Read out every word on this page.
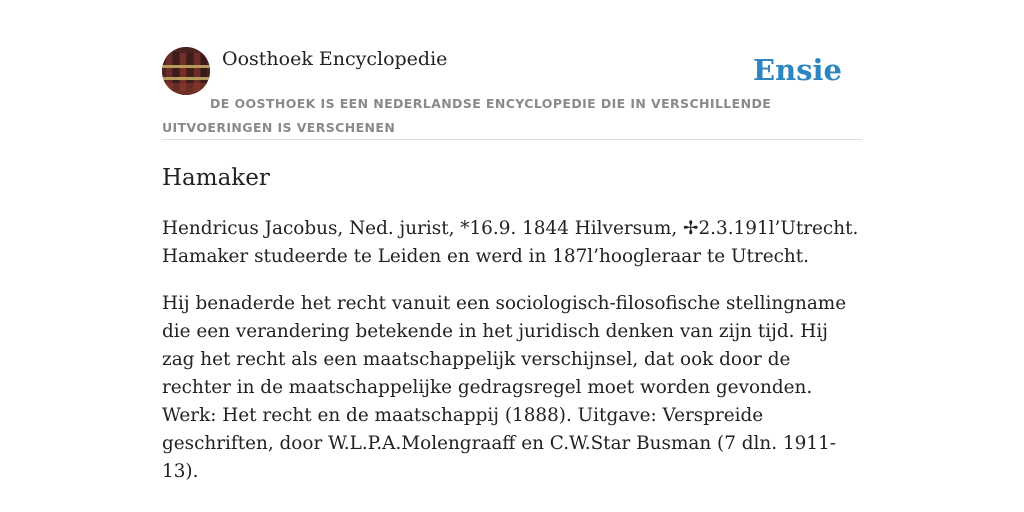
Oosthoek Encyclopedie	Ensie
DE OOSTHOEK IS EEN NEDERLANDSE ENCYCLOPEDIE DIE IN VERSCHILLENDE UITVOERINGEN IS VERSCHENEN
Hamaker

Hendricus Jacobus, Ned. jurist, *16.9. 1844 Hilversum, ✢2.3.191l’Utrecht. Hamaker studeerde te Leiden en werd in 187l’hoogleraar te Utrecht.

Hij benaderde het recht vanuit een sociologisch-filosofische stellingname die een verandering betekende in het juridisch denken van zijn tijd. Hij zag het recht als een maatschappelijk verschijnsel, dat ook door de rechter in de maatschappelijke gedragsregel moet worden gevonden. Werk: Het recht en de maatschappij (1888). Uitgave: Verspreide geschriften, door W.L.P.A.Molengraaff en C.W.Star Busman (7 dln. 1911-13).
